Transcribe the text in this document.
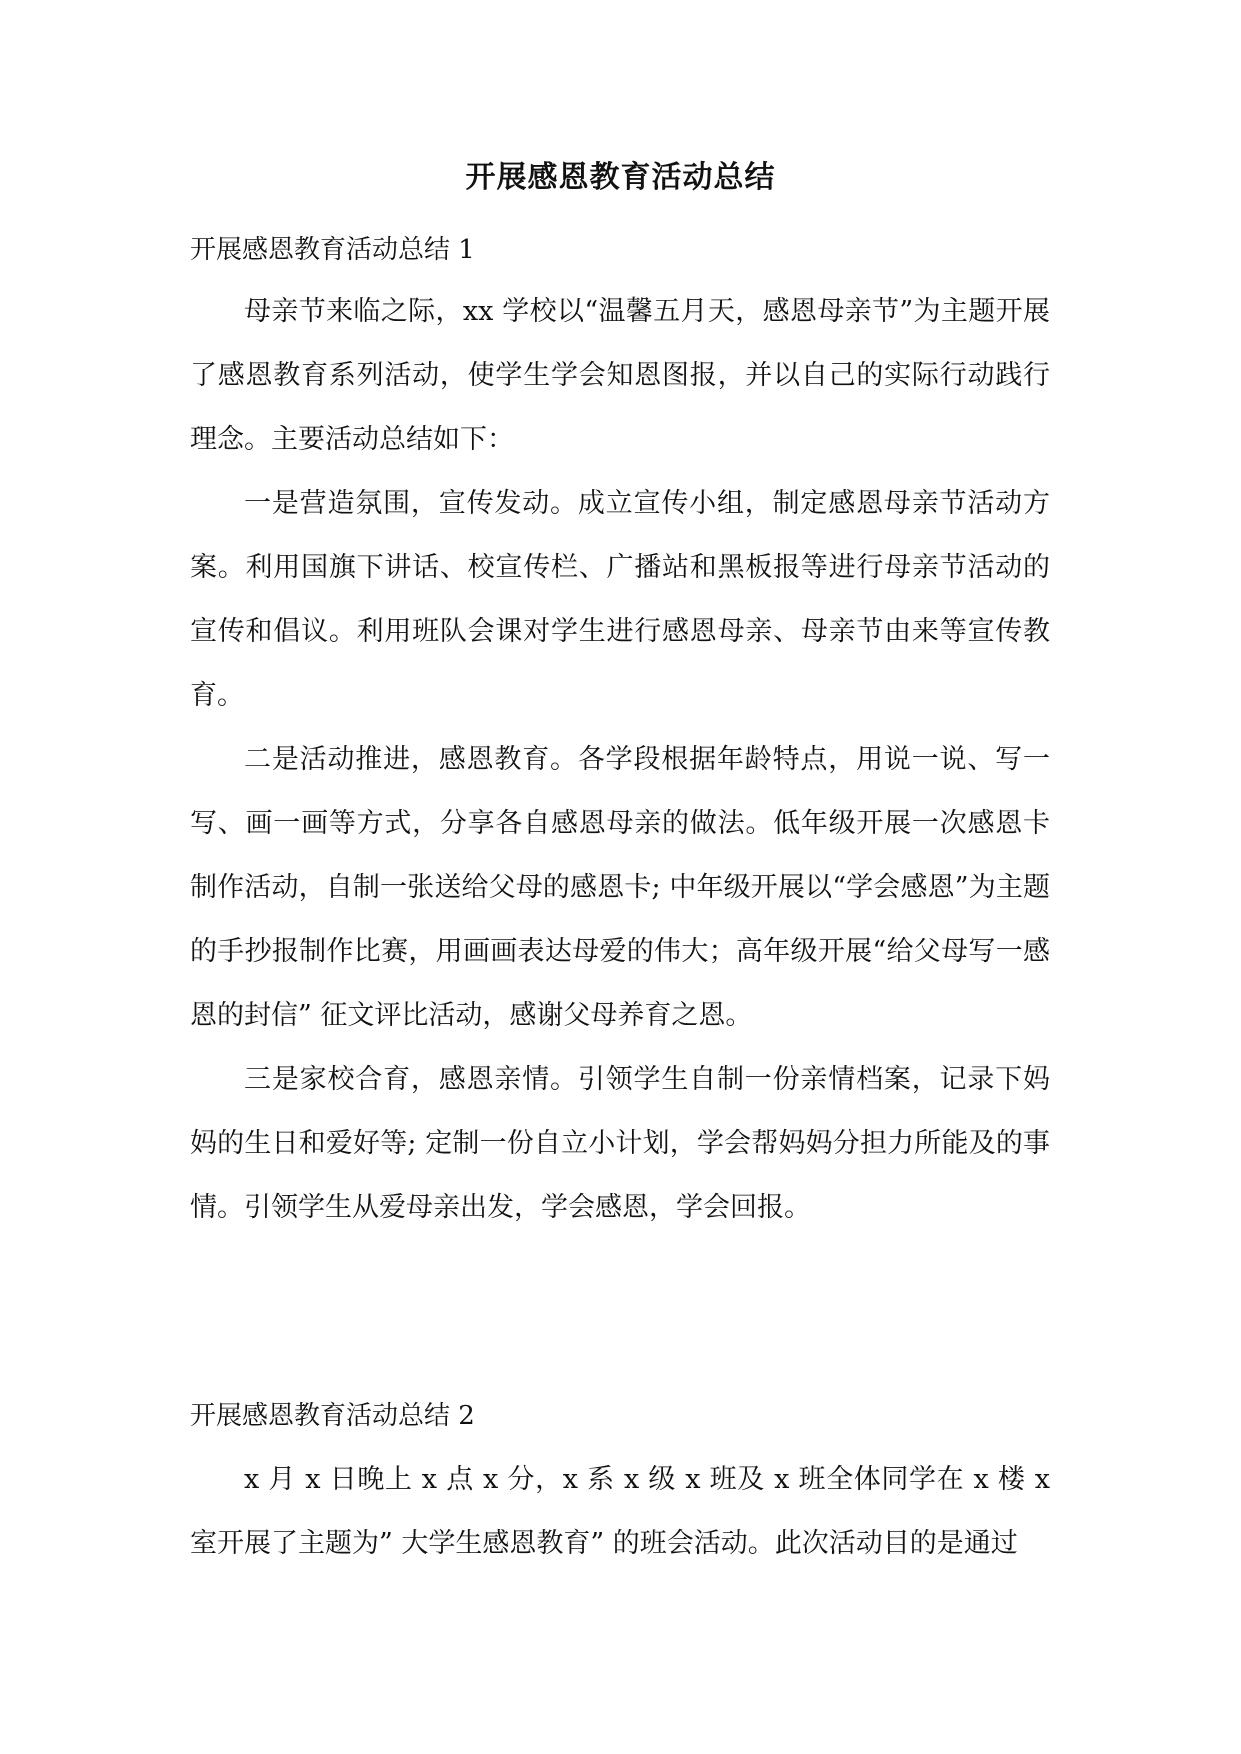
开展感恩教育活动总结
开展感恩教育活动总结 1
母亲节来临之际，xx 学校以“温馨五月天，感恩母亲节”为主题开展了感恩教育系列活动，使学生学会知恩图报，并以自己的实际行动践行理念。主要活动总结如下：
一是营造氛围，宣传发动。成立宣传小组，制定感恩母亲节活动方案。利用国旗下讲话、校宣传栏、广播站和黑板报等进行母亲节活动的宣传和倡议。利用班队会课对学生进行感恩母亲、母亲节由来等宣传教育。
二是活动推进，感恩教育。各学段根据年龄特点，用说一说、写一写、画一画等方式，分享各自感恩母亲的做法。低年级开展一次感恩卡制作活动，自制一张送给父母的感恩卡; 中年级开展以“学会感恩”为主题的手抄报制作比赛，用画画表达母爱的伟大；高年级开展“给父母写一感恩的封信” 征文评比活动，感谢父母养育之恩。
三是家校合育，感恩亲情。引领学生自制一份亲情档案，记录下妈妈的生日和爱好等; 定制一份自立小计划，学会帮妈妈分担力所能及的事情。引领学生从爱母亲出发，学会感恩，学会回报。
开展感恩教育活动总结 2
x 月 x 日晚上 x 点 x 分，x 系 x 级 x 班及 x 班全体同学在 x 楼 x 室开展了主题为” 大学生感恩教育” 的班会活动。此次活动目的是通过
